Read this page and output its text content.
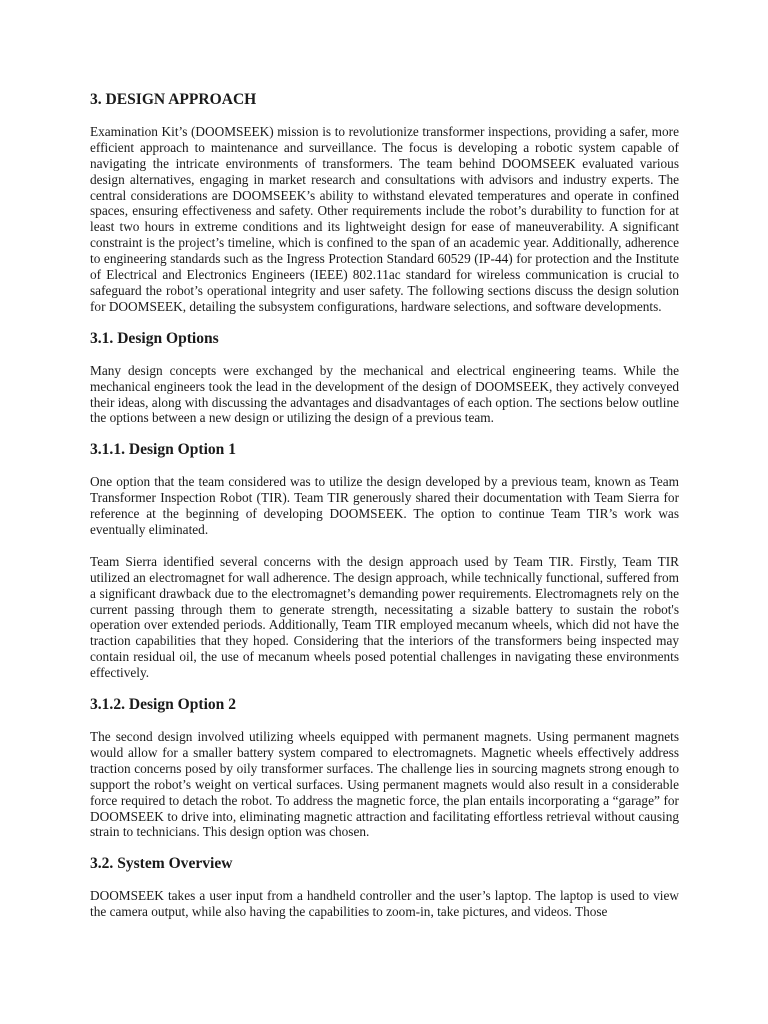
3. DESIGN APPROACH

Examination Kit’s (DOOMSEEK) mission is to revolutionize transformer inspections, providing a safer, more efficient approach to maintenance and surveillance. The focus is developing a robotic system capable of navigating the intricate environments of transformers. The team behind DOOMSEEK evaluated various design alternatives, engaging in market research and consultations with advisors and industry experts. The central considerations are DOOMSEEK’s ability to withstand elevated temperatures and operate in confined spaces, ensuring effectiveness and safety. Other requirements include the robot’s durability to function for at least two hours in extreme conditions and its lightweight design for ease of maneuverability. A significant constraint is the project’s timeline, which is confined to the span of an academic year. Additionally, adherence to engineering standards such as the Ingress Protection Standard 60529 (IP-44) for protection and the Institute of Electrical and Electronics Engineers (IEEE) 802.11ac standard for wireless communication is crucial to safeguard the robot’s operational integrity and user safety. The following sections discuss the design solution for DOOMSEEK, detailing the subsystem configurations, hardware selections, and software developments.

3.1. Design Options

Many design concepts were exchanged by the mechanical and electrical engineering teams. While the mechanical engineers took the lead in the development of the design of DOOMSEEK, they actively conveyed their ideas, along with discussing the advantages and disadvantages of each option. The sections below outline the options between a new design or utilizing the design of a previous team.

3.1.1. Design Option 1

One option that the team considered was to utilize the design developed by a previous team, known as Team Transformer Inspection Robot (TIR). Team TIR generously shared their documentation with Team Sierra for reference at the beginning of developing DOOMSEEK. The option to continue Team TIR’s work was eventually eliminated.

Team Sierra identified several concerns with the design approach used by Team TIR. Firstly, Team TIR utilized an electromagnet for wall adherence. The design approach, while technically functional, suffered from a significant drawback due to the electromagnet’s demanding power requirements. Electromagnets rely on the current passing through them to generate strength, necessitating a sizable battery to sustain the robot's operation over extended periods. Additionally, Team TIR employed mecanum wheels, which did not have the traction capabilities that they hoped. Considering that the interiors of the transformers being inspected may contain residual oil, the use of mecanum wheels posed potential challenges in navigating these environments effectively.

3.1.2. Design Option 2

The second design involved utilizing wheels equipped with permanent magnets. Using permanent magnets would allow for a smaller battery system compared to electromagnets. Magnetic wheels effectively address traction concerns posed by oily transformer surfaces. The challenge lies in sourcing magnets strong enough to support the robot’s weight on vertical surfaces. Using permanent magnets would also result in a considerable force required to detach the robot. To address the magnetic force, the plan entails incorporating a “garage” for DOOMSEEK to drive into, eliminating magnetic attraction and facilitating effortless retrieval without causing strain to technicians. This design option was chosen.

3.2. System Overview

DOOMSEEK takes a user input from a handheld controller and the user’s laptop. The laptop is used to view the camera output, while also having the capabilities to zoom-in, take pictures, and videos. Those
